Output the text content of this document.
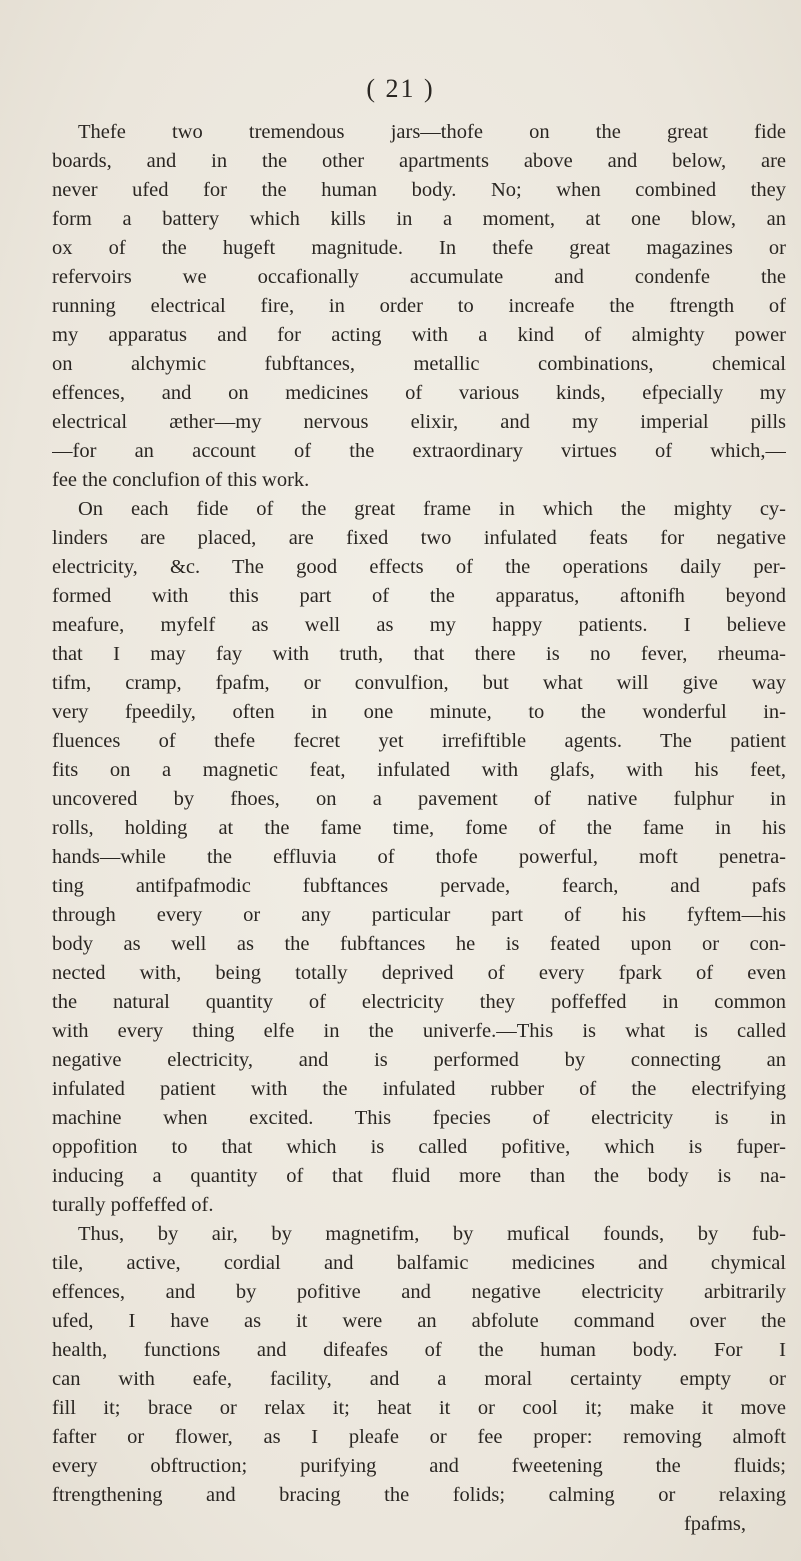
( 21 )
Thefe two tremendous jars—thofe on the great fide
boards, and in the other apartments above and below, are
never ufed for the human body. No; when combined they
form a battery which kills in a moment, at one blow, an
ox of the hugeft magnitude. In thefe great magazines or
refervoirs we occafionally accumulate and condenfe the
running electrical fire, in order to increafe the ftrength of
my apparatus and for acting with a kind of almighty power
on alchymic fubftances, metallic combinations, chemical
effences, and on medicines of various kinds, efpecially my
electrical æther—my nervous elixir, and my imperial pills
—for an account of the extraordinary virtues of which,—
fee the conclufion of this work.
On each fide of the great frame in which the mighty cy-
linders are placed, are fixed two infulated feats for negative
electricity, &c. The good effects of the operations daily per-
formed with this part of the apparatus, aftonifh beyond
meafure, myfelf as well as my happy patients. I believe
that I may fay with truth, that there is no fever, rheuma-
tifm, cramp, fpafm, or convulfion, but what will give way
very fpeedily, often in one minute, to the wonderful in-
fluences of thefe fecret yet irrefiftible agents. The patient
fits on a magnetic feat, infulated with glafs, with his feet,
uncovered by fhoes, on a pavement of native fulphur in
rolls, holding at the fame time, fome of the fame in his
hands—while the effluvia of thofe powerful, moft penetra-
ting antifpafmodic fubftances pervade, fearch, and pafs
through every or any particular part of his fyftem—his
body as well as the fubftances he is feated upon or con-
nected with, being totally deprived of every fpark of even
the natural quantity of electricity they poffeffed in common
with every thing elfe in the univerfe.—This is what is called
negative electricity, and is performed by connecting an
infulated patient with the infulated rubber of the electrifying
machine when excited. This fpecies of electricity is in
oppofition to that which is called pofitive, which is fuper-
inducing a quantity of that fluid more than the body is na-
turally poffeffed of.
Thus, by air, by magnetifm, by mufical founds, by fub-
tile, active, cordial and balfamic medicines and chymical
effences, and by pofitive and negative electricity arbitrarily
ufed, I have as it were an abfolute command over the
health, functions and difeafes of the human body. For I
can with eafe, facility, and a moral certainty empty or
fill it; brace or relax it; heat it or cool it; make it move
fafter or flower, as I pleafe or fee proper: removing almoft
every obftruction; purifying and fweetening the fluids;
ftrengthening and bracing the folids; calming or relaxing
fpafms,
